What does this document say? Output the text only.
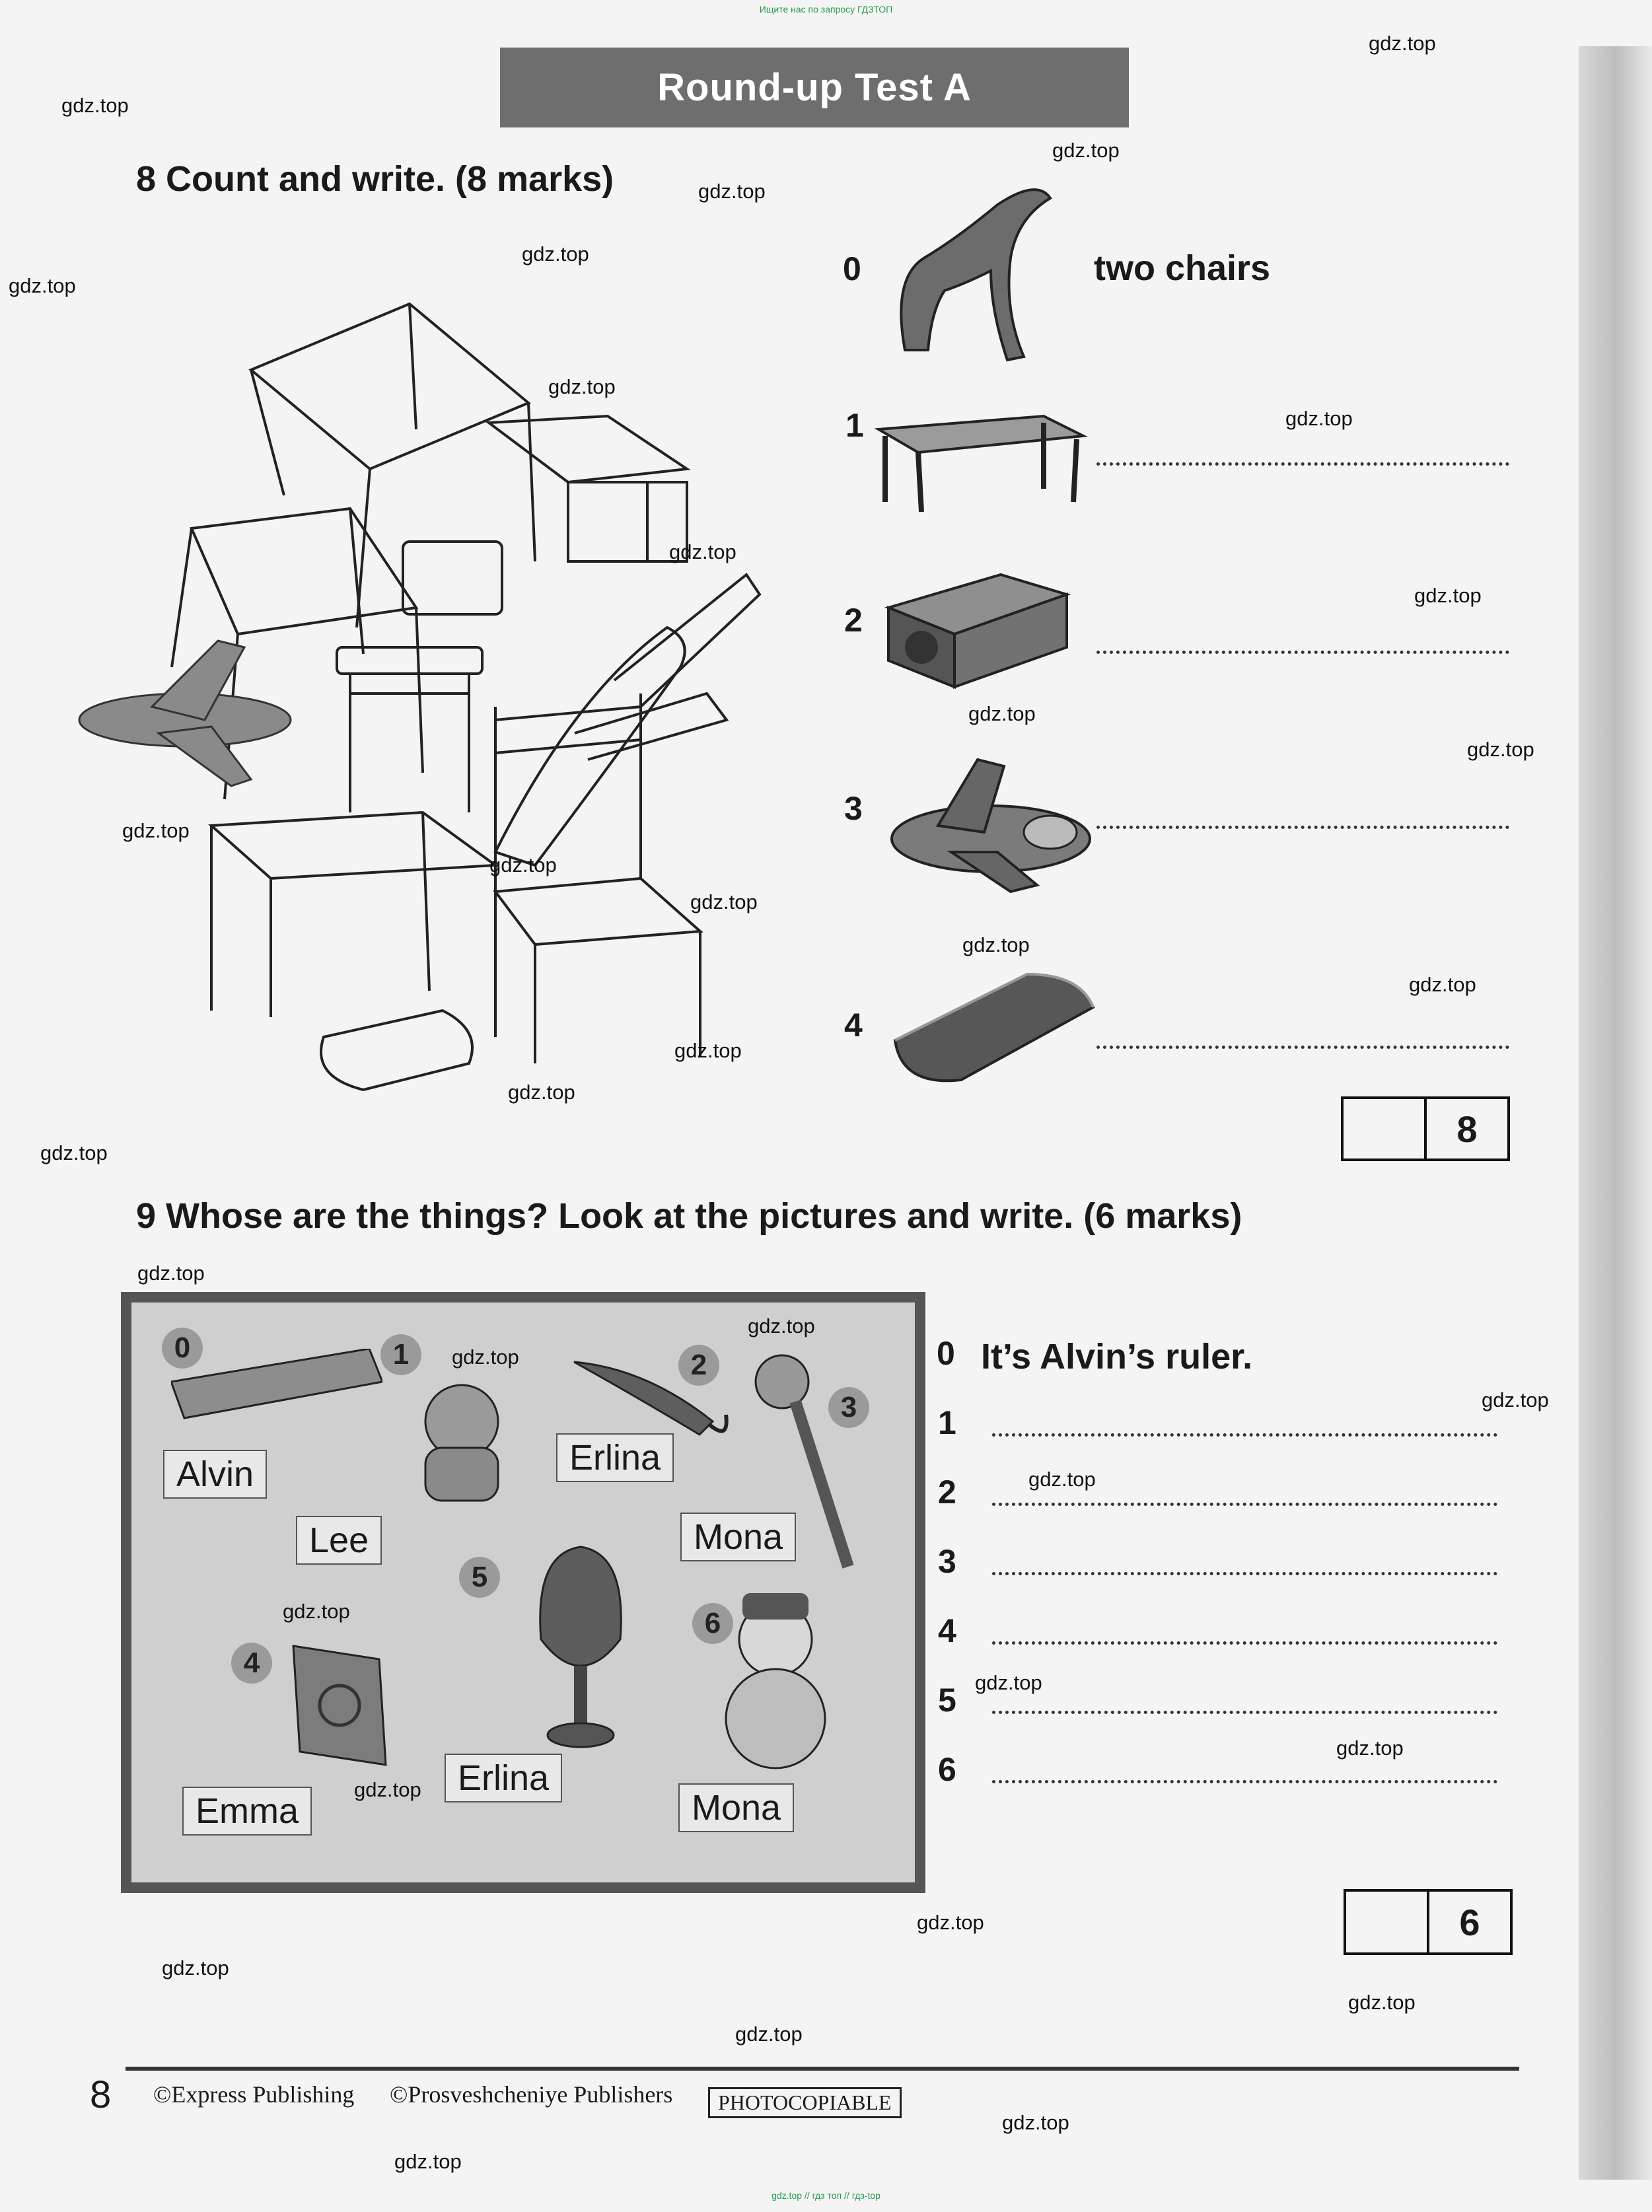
Ищите нас по запросу ГДЗТОП
Round-up Test A
8 Count and write. (8 marks)
0	two chairs
1
2
3
4
8
9 Whose are the things? Look at the pictures and write. (6 marks)
0
Alvin
1
Lee
2
Erlina
3
Mona
4
Emma
5
Erlina
6
Mona
0 It’s Alvin’s ruler.
1
2
3
4
5
6
6
8 ©Express Publishing ©Prosveshcheniye Publishers	PHOTOCOPIABLE
gdz.top // гдз топ // гдз-top
gdz.top
gdz.top
gdz.top
gdz.top
gdz.top
gdz.top
gdz.top
gdz.top
gdz.top
gdz.top
gdz.top
gdz.top
gdz.top
gdz.top
gdz.top
gdz.top
gdz.top
gdz.top
gdz.top
gdz.top
gdz.top
gdz.top
gdz.top
gdz.top
gdz.top
gdz.top
gdz.top
gdz.top
gdz.top
gdz.top
gdz.top
gdz.top
gdz.top
gdz.top
gdz.top
